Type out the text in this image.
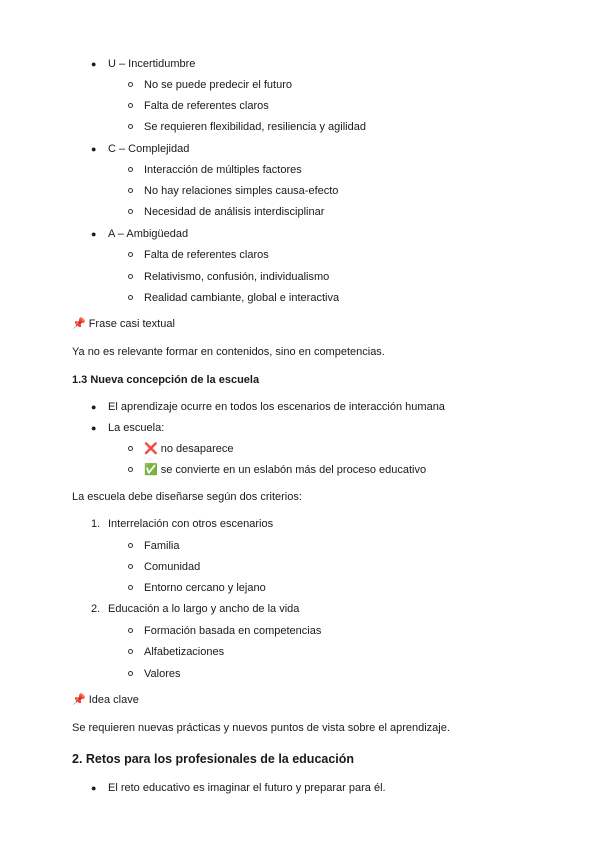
● U – Incertidumbre
No se puede predecir el futuro
Falta de referentes claros
Se requieren flexibilidad, resiliencia y agilidad
● C – Complejidad
Interacción de múltiples factores
No hay relaciones simples causa-efecto
Necesidad de análisis interdisciplinar
● A – Ambigüedad
Falta de referentes claros
Relativismo, confusión, individualismo
Realidad cambiante, global e interactiva
📌 Frase casi textual
Ya no es relevante formar en contenidos, sino en competencias.
1.3 Nueva concepción de la escuela
● El aprendizaje ocurre en todos los escenarios de interacción humana
● La escuela:
❌ no desaparece
✅ se convierte en un eslabón más del proceso educativo
La escuela debe diseñarse según dos criterios:
1. Interrelación con otros escenarios
Familia
Comunidad
Entorno cercano y lejano
2. Educación a lo largo y ancho de la vida
Formación basada en competencias
Alfabetizaciones
Valores
📌 Idea clave
Se requieren nuevas prácticas y nuevos puntos de vista sobre el aprendizaje.
2. Retos para los profesionales de la educación
● El reto educativo es imaginar el futuro y preparar para él.
